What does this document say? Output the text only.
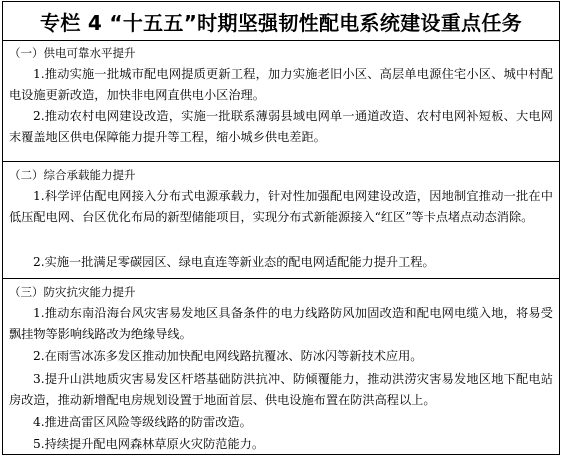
专栏 4 “十五五”时期坚强韧性配电系统建设重点任务
（一）供电可靠水平提升

1.推动实施一批城市配电网提质更新工程，加力实施老旧小区、高层单电源住宅小区、城中村配电设施更新改造，加快非电网直供电小区治理。

2.推动农村电网建设改造，实施一批联系薄弱县域电网单一通道改造、农村电网补短板、大电网末覆盖地区供电保障能力提升等工程，缩小城乡供电差距。

（二）综合承载能力提升

1.科学评估配电网接入分布式电源承载力，针对性加强配电网建设改造，因地制宜推动一批在中低压配电网、台区优化布局的新型储能项目，实现分布式新能源接入“红区”等卡点堵点动态消除。

2.实施一批满足零碳园区、绿电直连等新业态的配电网适配能力提升工程。

（三）防灾抗灾能力提升

1.推动东南沿海台风灾害易发地区具备条件的电力线路防风加固改造和配电网电缆入地，将易受飘挂物等影响线路改为绝缘导线。

2.在雨雪冰冻多发区推动加快配电网线路抗覆冰、防冰闪等新技术应用。

3.提升山洪地质灾害易发区杆塔基础防洪抗冲、防倾覆能力，推动洪涝灾害易发地区地下配电站房改造，推动新增配电房规划设置于地面首层、供电设施布置在防洪高程以上。

4.推进高雷区风险等级线路的防雷改造。

5.持续提升配电网森林草原火灾防范能力。
